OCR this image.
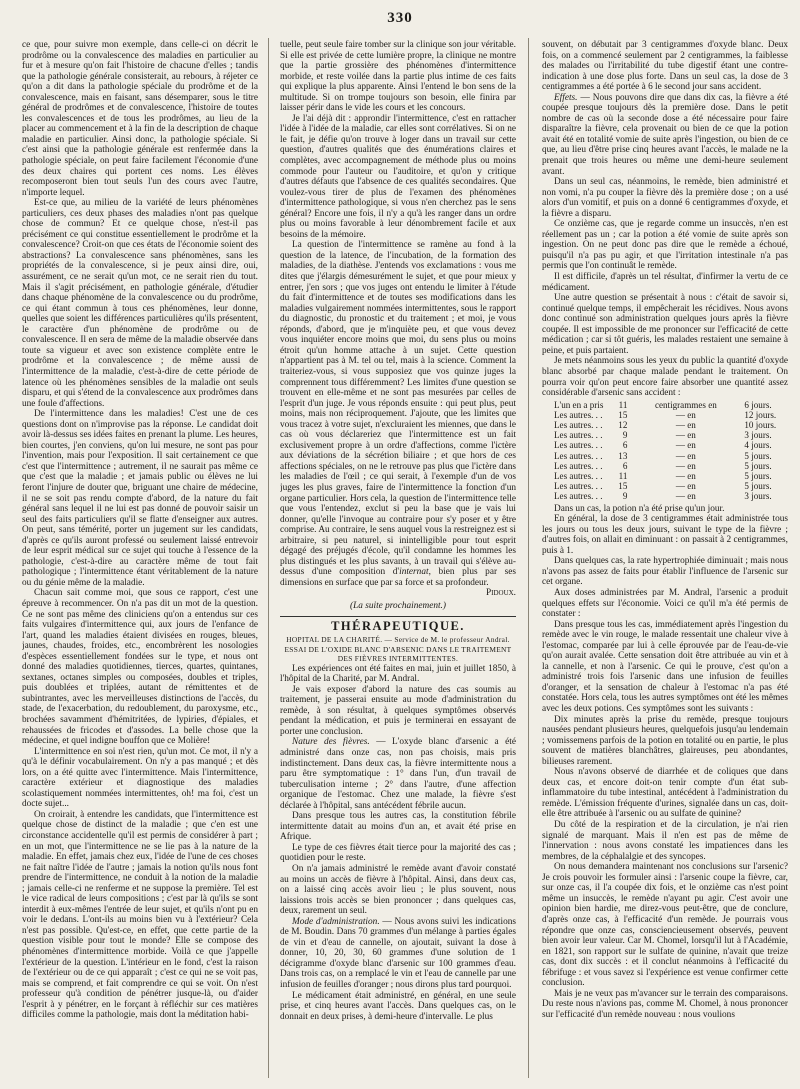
330

ce que, pour suivre mon exemple, dans celle-ci on décrit le prodrôme ou la convalescence des maladies en particulier au fur et à mesure qu'on fait l'histoire de chacune d'elles ; tandis que la pathologie générale consisterait, au rebours, à réjeter ce qu'on a dit dans la pathologie spéciale du prodrôme et de la convalescence, mais en faisant, sans désemparer, sous le titre général de prodrômes et de convalescence, l'histoire de toutes les convalescences et de tous les prodrômes, au lieu de la placer au commencement et à la fin de la description de chaque maladie en particulier. Ainsi donc, la pathologie spéciale. Si c'est ainsi que la pathologie générale est renfermée dans la pathologie spéciale, on peut faire facilement l'économie d'une des deux chaires qui portent ces noms. Les élèves recomposeront bien tout seuls l'un des cours avec l'autre, n'importe lequel.

Est-ce que, au milieu de la variété de leurs phénomènes particuliers, ces deux phases des maladies n'ont pas quelque chose de commun? Et ce quelque chose, n'est-il pas précisément ce qui constitue essentiellement le prodrôme et la convalescence? Croit-on que ces états de l'économie soient des abstractions? La convalescence sans phénomènes, sans les propriétés de la convalescence, si je peux ainsi dire, oui, assurément, ce ne serait qu'un mot, ce ne serait rien du tout. Mais il s'agit précisément, en pathologie générale, d'étudier dans chaque phénomène de la convalescence ou du prodrôme, ce qui étant commun à tous ces phénomènes, leur donne, quelles que soient les différences particulières qu'ils présentent, le caractère d'un phénomène de prodrôme ou de convalescence. Il en sera de même de la maladie observée dans toute sa vigueur et avec son existence complète entre le prodrôme et la convalescence ; de même aussi de l'intermittence de la maladie, c'est-à-dire de cette période de latence où les phénomènes sensibles de la maladie ont seuls disparu, et qui s'étend de la convalescence aux prodrômes dans une foule d'affections.

De l'intermittence dans les maladies! C'est une de ces questions dont on n'improvise pas la réponse. Le candidat doit avoir là-dessus ses idées faites en prenant la plume. Les heures, bien courtes, j'en conviens, qu'on lui mesure, ne sont pas pour l'invention, mais pour l'exposition. Il sait certainement ce que c'est que l'intermittence ; autrement, il ne saurait pas même ce que c'est que la maladie ; et jamais public ou élèves ne lui feront l'injure de douter que, briguant une chaire de médecine, il ne se soit pas rendu compte d'abord, de la nature du fait général sans lequel il ne lui est pas donné de pouvoir saisir un seul des faits particuliers qu'il se flatte d'enseigner aux autres. On peut, sans témérité, porter un jugement sur les candidats, d'après ce qu'ils auront professé ou seulement laissé entrevoir de leur esprit médical sur ce sujet qui touche à l'essence de la pathologie, c'est-à-dire au caractère même de tout fait pathologique ; l'intermittence étant véritablement de la nature ou du génie même de la maladie.

Chacun sait comme moi, que sous ce rapport, c'est une épreuve à recommencer. On n'a pas dit un mot de la question. Ce ne sont pas même des cliniciens qu'on a entendus sur ces faits vulgaires d'intermittence qui, aux jours de l'enfance de l'art, quand les maladies étaient divisées en rouges, bleues, jaunes, chaudes, froides, etc., encombrèrent les nosologies d'espèces essentiellement fondées sur le type, et nous ont donné des maladies quotidiennes, tierces, quartes, quintanes, sextanes, octanes simples ou composées, doubles et triples, puis doublées et triplées, autant de rémittentes et de subintrantes, avec les merveilleuses distinctions de l'accès, du stade, de l'exacerbation, du redoublement, du paroxysme, etc., brochées savamment d'hémitritées, de lypiries, d'épiales, et rehaussées de fricodes et d'assodes. La belle chose que la médecine, et quel indigne bouffon que ce Molière!

L'intermittence en soi n'est rien, qu'un mot. Ce mot, il n'y a qu'à le définir vocabulairement. On n'y a pas manqué ; et dès lors, on a été quitte avec l'intermittence. Mais l'intermittence, caractère extérieur et diagnostique des maladies scolastiquement nommées intermittentes, oh! ma foi, c'est un docte sujet...

On croirait, à entendre les candidats, que l'intermittence est quelque chose de distinct de la maladie ; que c'en est une circonstance accidentelle qu'il est permis de considérer à part ; en un mot, que l'intermittence ne se lie pas à la nature de la maladie. En effet, jamais chez eux, l'idée de l'une de ces choses ne fait naître l'idée de l'autre ; jamais la notion qu'ils nous font prendre de l'intermittence, ne conduit à la notion de la maladie ; jamais celle-ci ne renferme et ne suppose la première. Tel est le vice radical de leurs compositions ; c'est par là qu'ils se sont interdit à eux-mêmes l'entrée de leur sujet, et qu'ils n'ont pu en voir le dedans. L'ont-ils au moins bien vu à l'extérieur? Cela n'est pas possible. Qu'est-ce, en effet, que cette partie de la question visible pour tout le monde? Elle se compose des phénomènes d'intermittence morbide. Voilà ce que j'appelle l'extérieur de la question. L'intérieur en le fond, c'est la raison de l'extérieur ou de ce qui apparaît ; c'est ce qui ne se voit pas, mais se comprend, et fait comprendre ce qui se voit. On n'est professeur qu'à condition de pénétrer jusque-là, ou d'aider l'esprit à y pénétrer, en le forçant à réfléchir sur ces matières difficiles comme la pathologie, mais dont la méditation habi-

tuelle, peut seule faire tomber sur la clinique son jour véritable. Si elle est privée de cette lumière propre, la clinique ne montre que la partie grossière des phénomènes d'intermittence morbide, et reste voilée dans la partie plus intime de ces faits qui explique la plus apparente. Ainsi l'entend le bon sens de la multitude. Si on trompe toujours son besoin, elle finira par laisser périr dans le vide les cours et les concours.

Je l'ai déjà dit : approndir l'intermittence, c'est en rattacher l'idée à l'idée de la maladie, car elles sont corrélatives. Si on ne le fait, je défie qu'on trouve à loger dans un travail sur cette question, d'autres qualités que des énumérations claires et complètes, avec accompagnement de méthode plus ou moins commode pour l'auteur ou l'auditoire, et qu'on y critique d'autres défauts que l'absence de ces qualités secondaires. Que voulez-vous tirer de plus de l'examen des phénomènes d'intermittence pathologique, si vous n'en cherchez pas le sens général? Encore une fois, il n'y a qu'à les ranger dans un ordre plus ou moins favorable à leur dénombrement facile et aux besoins de la mémoire.

La question de l'intermittence se ramène au fond à la question de la latence, de l'incubation, de la formation des maladies, de la diathèse. J'entends vos exclamations : vous me dites que j'élargis démesurément le sujet, et que pour mieux y entrer, j'en sors ; que vos juges ont entendu le limiter à l'étude du fait d'intermittence et de toutes ses modifications dans les maladies vulgairement nommées intermittentes, sous le rapport du diagnostic, du pronostic et du traitement ; et moi, je vous réponds, d'abord, que je m'inquiète peu, et que vous devez vous inquiéter encore moins que moi, du sens plus ou moins étroit qu'un homme attache à un sujet. Cette question n'appartient pas à M. tel ou tel, mais à la science. Comment la traiteriez-vous, si vous supposiez que vos quinze juges la comprennent tous différemment? Les limites d'une question se trouvent en elle-même et ne sont pas mesurées par celles de l'esprit d'un juge. Je vous réponds ensuite : qui peut plus, peut moins, mais non réciproquement. J'ajoute, que les limites que vous tracez à votre sujet, n'excluraient les miennes, que dans le cas où vous déclareriez que l'intermittence est un fait exclusivement propre à un ordre d'affections, comme l'ictère aux déviations de la sécrétion biliaire ; et que hors de ces affections spéciales, on ne le retrouve pas plus que l'ictère dans les maladies de l'œil ; ce qui serait, à l'exemple d'un de vos juges les plus graves, faire de l'intermittence la fonction d'un organe particulier. Hors cela, la question de l'intermittence telle que vous l'entendez, exclut si peu la base que je vais lui donner, qu'elle l'invoque au contraire pour s'y poser et y être comprise. Au contraire, le sens auquel vous la restreignez est si arbitraire, si peu naturel, si inintelligible pour tout esprit dégagé des préjugés d'école, qu'il condamne les hommes les plus distingués et les plus savants, à un travail qui s'élève au-dessus d'une composition d'internat, bien plus par ses dimensions en surface que par sa force et sa profondeur.

Pidoux.

(La suite prochainement.)

THÉRAPEUTIQUE.

HOPITAL DE LA CHARITÉ. — Service de M. le professeur Andral.

ESSAI DE L'OXIDE BLANC D'ARSENIC DANS LE TRAITEMENT DES FIÈVRES INTERMITTENTES.

Les expériences ont été faites en mai, juin et juillet 1850, à l'hôpital de la Charité, par M. Andral.

Je vais exposer d'abord la nature des cas soumis au traitement, je passerai ensuite au mode d'administration du remède, à son résultat, à quelques symptômes observés pendant la médication, et puis je terminerai en essayant de porter une conclusion.

Nature des fièvres. — L'oxyde blanc d'arsenic a été administré dans onze cas, non pas choisis, mais pris indistinctement. Dans deux cas, la fièvre intermittente nous a paru être symptomatique : 1° dans l'un, d'un travail de tuberculisation interne ; 2° dans l'autre, d'une affection organique de l'estomac. Chez une malade, la fièvre s'est déclarée à l'hôpital, sans antécédent fébrile aucun.

Dans presque tous les autres cas, la constitution fébrile intermittente datait au moins d'un an, et avait été prise en Afrique.

Le type de ces fièvres était tierce pour la majorité des cas ; quotidien pour le reste.

On n'a jamais administré le remède avant d'avoir constaté au moins un accès de fièvre à l'hôpital. Ainsi, dans deux cas, on a laissé cinq accès avoir lieu ; le plus souvent, nous laissions trois accès se bien prononcer ; dans quelques cas, deux, rarement un seul.

Mode d'administration. — Nous avons suivi les indications de M. Boudin. Dans 70 grammes d'un mélange à parties égales de vin et d'eau de cannelle, on ajoutait, suivant la dose à donner, 10, 20, 30, 60 grammes d'une solution de 1 décigramme d'oxyde blanc d'arsenic sur 100 grammes d'eau. Dans trois cas, on a remplacé le vin et l'eau de cannelle par une infusion de feuilles d'oranger ; nous dirons plus tard pourquoi.

Le médicament était administré, en général, en une seule prise, et cinq heures avant l'accès. Dans quelques cas, on le donnait en deux prises, à demi-heure d'intervalle. Le plus

souvent, on débutait par 3 centigrammes d'oxyde blanc. Deux fois, on a commencé seulement par 2 centigrammes, la faiblesse des malades ou l'irritabilité du tube digestif étant une contre-indication à une dose plus forte. Dans un seul cas, la dose de 3 centigrammes a été portée à 6 le second jour sans accident.

Effets. — Nous pouvons dire que dans dix cas, la fièvre a été coupée presque toujours dès la première dose. Dans le petit nombre de cas où la seconde dose a été nécessaire pour faire disparaître la fièvre, cela provenait ou bien de ce que la potion avait été en totalité vomie de suite après l'ingestion, ou bien de ce que, au lieu d'être prise cinq heures avant l'accès, le malade ne la prenait que trois heures ou même une demi-heure seulement avant.

Dans un seul cas, néanmoins, le remède, bien administré et non vomi, n'a pu couper la fièvre dès la première dose ; on a usé alors d'un vomitif, et puis on a donné 6 centigrammes d'oxyde, et la fièvre a disparu.

Ce onzième cas, que je regarde comme un insuccès, n'en est réellement pas un ; car la potion a été vomie de suite après son ingestion. On ne peut donc pas dire que le remède a échoué, puisqu'il n'a pas pu agir, et que l'irritation intestinale n'a pas permis que l'on continuât le remède.

Il est difficile, d'après un tel résultat, d'infirmer la vertu de ce médicament.

Une autre question se présentait à nous : c'était de savoir si, continué quelque temps, il empêcherait les récidives. Nous avons donc continué son administration quelques jours après la fièvre coupée. Il est impossible de me prononcer sur l'efficacité de cette médication ; car si tôt guéris, les malades restaient une semaine à peine, et puis partaient.

Je mets néanmoins sous les yeux du public la quantité d'oxyde blanc absorbé par chaque malade pendant le traitement. On pourra voir qu'on peut encore faire absorber une quantité assez considérable d'arsenic sans accident :

L'un en a pris	11	centigrammes en	6 jours.
Les autres. . .	15	— en	12 jours.
Les autres. . .	12	— en	10 jours.
Les autres. . .	9	— en	3 jours.
Les autres. . .	6	— en	4 jours.
Les autres. . .	13	— en	5 jours.
Les autres. . .	6	— en	5 jours.
Les autres. . .	11	— en	5 jours.
Les autres. . .	15	— en	5 jours.
Les autres. . .	9	— en	3 jours.

Dans un cas, la potion n'a été prise qu'un jour.

En général, la dose de 3 centigrammes était administrée tous les jours ou tous les deux jours, suivant le type de la fièvre ; d'autres fois, on allait en diminuant : on passait à 2 centigrammes, puis à 1.

Dans quelques cas, la rate hypertrophiée diminuait ; mais nous n'avons pas assez de faits pour établir l'influence de l'arsenic sur cet organe.

Aux doses administrées par M. Andral, l'arsenic a produit quelques effets sur l'économie. Voici ce qu'il m'a été permis de constater :

Dans presque tous les cas, immédiatement après l'ingestion du remède avec le vin rouge, le malade ressentait une chaleur vive à l'estomac, comparée par lui à celle éprouvée par de l'eau-de-vie qu'on aurait avalée. Cette sensation doit être attribuée au vin et à la cannelle, et non à l'arsenic. Ce qui le prouve, c'est qu'on a administré trois fois l'arsenic dans une infusion de feuilles d'oranger, et la sensation de chaleur à l'estomac n'a pas été constatée. Hors cela, tous les autres symptômes ont été les mêmes avec les deux potions. Ces symptômes sont les suivants :

Dix minutes après la prise du remède, presque toujours nausées pendant plusieurs heures, quelquefois jusqu'au lendemain ; vomissemens parfois de la potion en totalité ou en partie, le plus souvent de matières blanchâtres, glaireuses, peu abondantes, bilieuses rarement.

Nous n'avons observé de diarrhée et de coliques que dans deux cas, et encore doit-on tenir compte d'un état sub-inflammatoire du tube intestinal, antécédent à l'administration du remède. L'émission fréquente d'urines, signalée dans un cas, doit-elle être attribuée à l'arsenic ou au sulfate de quinine?

Du côté de la respiration et de la circulation, je n'ai rien signalé de marquant. Mais il n'en est pas de même de l'innervation : nous avons constaté les impatiences dans les membres, de la céphalalgie et des syncopes.

On nous demandera maintenant nos conclusions sur l'arsenic? Je crois pouvoir les formuler ainsi : l'arsenic coupe la fièvre, car, sur onze cas, il l'a coupée dix fois, et le onzième cas n'est point même un insuccès, le remède n'ayant pu agir. C'est avoir une opinion bien hardie, me direz-vous peut-être, que de conclure, d'après onze cas, à l'efficacité d'un remède. Je pourrais vous répondre que onze cas, consciencieusement observés, peuvent bien avoir leur valeur. Car M. Chomel, lorsqu'il lut à l'Académie, en 1821, son rapport sur le sulfate de quinine, n'avait que treize cas, dont dix succès : et il conclut néanmoins à l'efficacité du fébrifuge : et vous savez si l'expérience est venue confirmer cette conclusion.

Mais je ne veux pas m'avancer sur le terrain des comparaisons. Du reste nous n'avions pas, comme M. Chomel, à nous prononcer sur l'efficacité d'un remède nouveau : nous voulions
